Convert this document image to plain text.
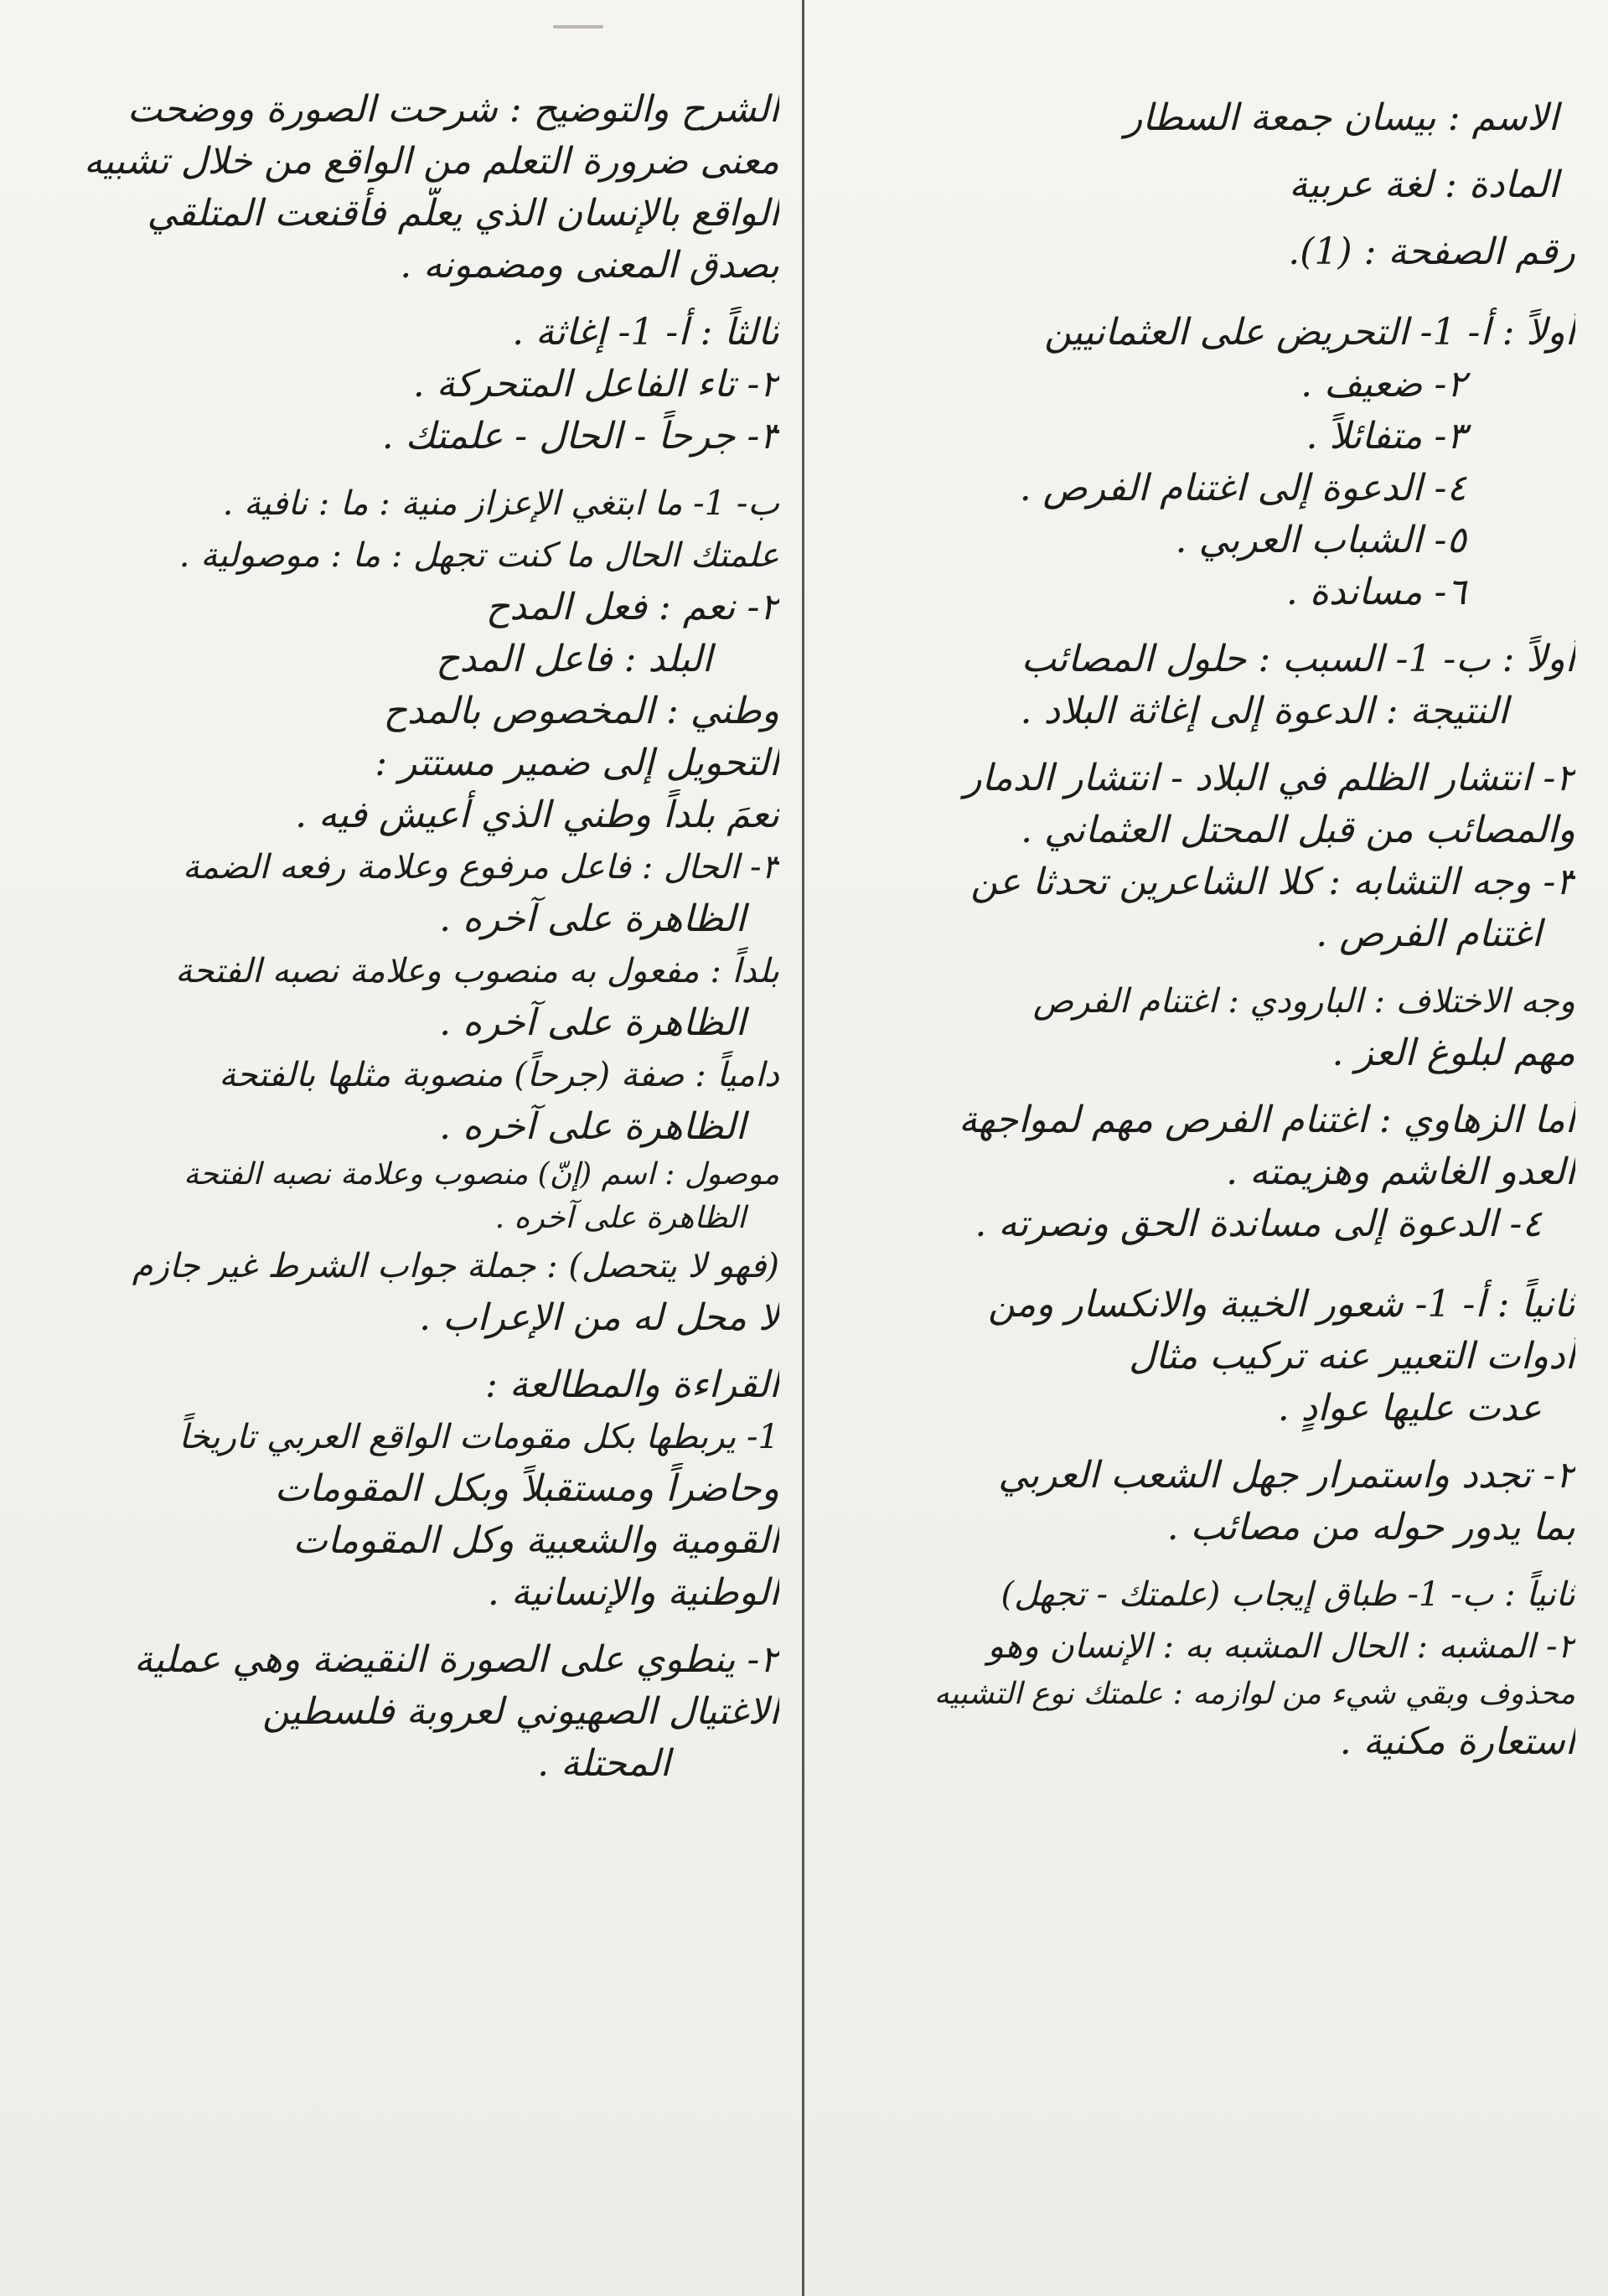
الاسم : بيسان جمعة السطار
المادة : لغة عربية
رقم الصفحة : (1).
أولاً : أ- 1- التحريض على العثمانيين
٢- ضعيف .
٣- متفائلاً .
٤- الدعوة إلى اغتنام الفرص .
٥- الشباب العربي .
٦- مساندة .
أولاً : ب- 1- السبب : حلول المصائب
النتيجة : الدعوة إلى إغاثة البلاد .
٢- انتشار الظلم في البلاد - انتشار الدمار
والمصائب من قبل المحتل العثماني .
٣- وجه التشابه : كلا الشاعرين تحدثا عن
اغتنام الفرص .
وجه الاختلاف : البارودي : اغتنام الفرص
مهم لبلوغ العز .
أما الزهاوي : اغتنام الفرص مهم لمواجهة
العدو الغاشم وهزيمته .
٤- الدعوة إلى مساندة الحق ونصرته .
ثانياً : أ- 1- شعور الخيبة والانكسار ومن
أدوات التعبير عنه تركيب مثال
عدت عليها عوادٍ .
٢- تجدد واستمرار جهل الشعب العربي
بما يدور حوله من مصائب .
ثانياً : ب- 1- طباق إيجاب (علمتك - تجهل)
٢- المشبه : الحال المشبه به : الإنسان وهو
محذوف وبقي شيء من لوازمه : علمتك نوع التشبيه
استعارة مكنية .
الشرح والتوضيح : شرحت الصورة ووضحت
معنى ضرورة التعلم من الواقع من خلال تشبيه
الواقع بالإنسان الذي يعلّم فأقنعت المتلقي
بصدق المعنى ومضمونه .
ثالثاً : أ- 1- إغاثة .
٢- تاء الفاعل المتحركة .
٣- جرحاً - الحال - علمتك .
ب- 1- ما ابتغي الإعزاز منية : ما : نافية .
علمتك الحال ما كنت تجهل : ما : موصولية .
٢- نعم : فعل المدح
البلد : فاعل المدح
وطني : المخصوص بالمدح
التحويل إلى ضمير مستتر :
نعمَ بلداً وطني الذي أعيش فيه .
٣- الحال : فاعل مرفوع وعلامة رفعه الضمة
الظاهرة على آخره .
بلداً : مفعول به منصوب وعلامة نصبه الفتحة
الظاهرة على آخره .
دامياً : صفة (جرحاً) منصوبة مثلها بالفتحة
الظاهرة على آخره .
موصول : اسم (إنّ) منصوب وعلامة نصبه الفتحة
الظاهرة على آخره .
(فهو لا يتحصل) : جملة جواب الشرط غير جازم
لا محل له من الإعراب .
القراءة والمطالعة :
1- يربطها بكل مقومات الواقع العربي تاريخاً
وحاضراً ومستقبلاً وبكل المقومات
القومية والشعبية وكل المقومات
الوطنية والإنسانية .
٢- ينطوي على الصورة النقيضة وهي عملية
الاغتيال الصهيوني لعروبة فلسطين
المحتلة .
